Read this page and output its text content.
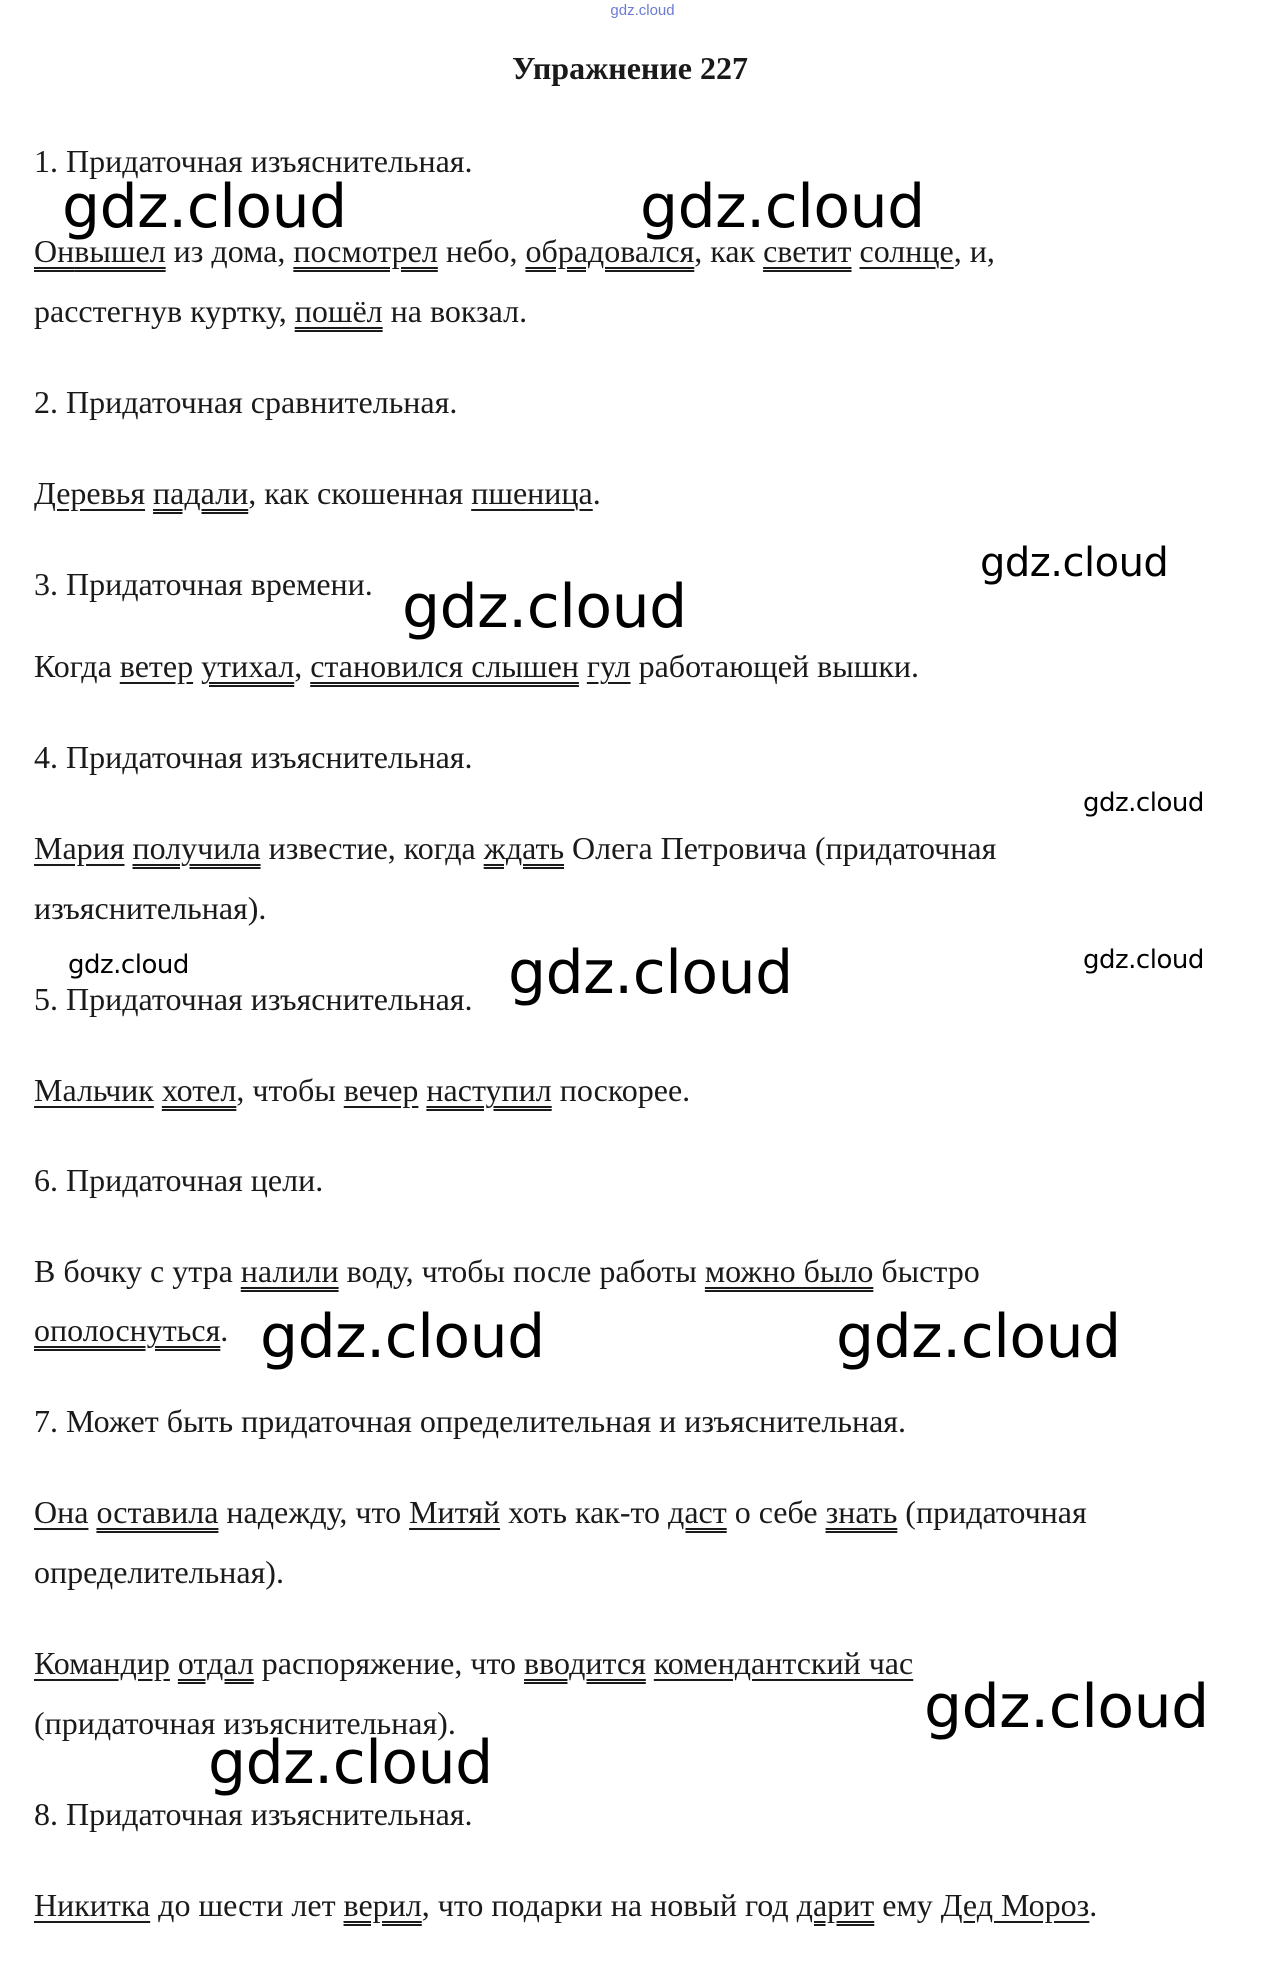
gdz.cloud
Упражнение 227
1. Придаточная изъяснительная.
Онвышел из дома, посмотрел небо, обрадовался, как светит солнце, и,
расстегнув куртку, пошёл на вокзал.
2. Придаточная сравнительная.
Деревья падали, как скошенная пшеница.
3. Придаточная времени.
Когда ветер утихал, становился слышен гул работающей вышки.
4. Придаточная изъяснительная.
Мария получила известие, когда ждать Олега Петровича (придаточная
изъяснительная).
5. Придаточная изъяснительная.
Мальчик хотел, чтобы вечер наступил поскорее.
6. Придаточная цели.
В бочку с утра налили воду, чтобы после работы можно было быстро
ополоснуться.
7. Может быть придаточная определительная и изъяснительная.
Она оставила надежду, что Митяй хоть как-то даст о себе знать (придаточная
определительная).
Командир отдал распоряжение, что вводится комендантский час
(придаточная изъяснительная).
8. Придаточная изъяснительная.
Никитка до шести лет верил, что подарки на новый год дарит ему Дед Мороз.
gdz.cloud	gdz.cloud
gdz.cloud
gdz.cloud
gdz.cloud
gdz.cloud	gdz.cloud	gdz.cloud
gdz.cloud	gdz.cloud
gdz.cloud
gdz.cloud
